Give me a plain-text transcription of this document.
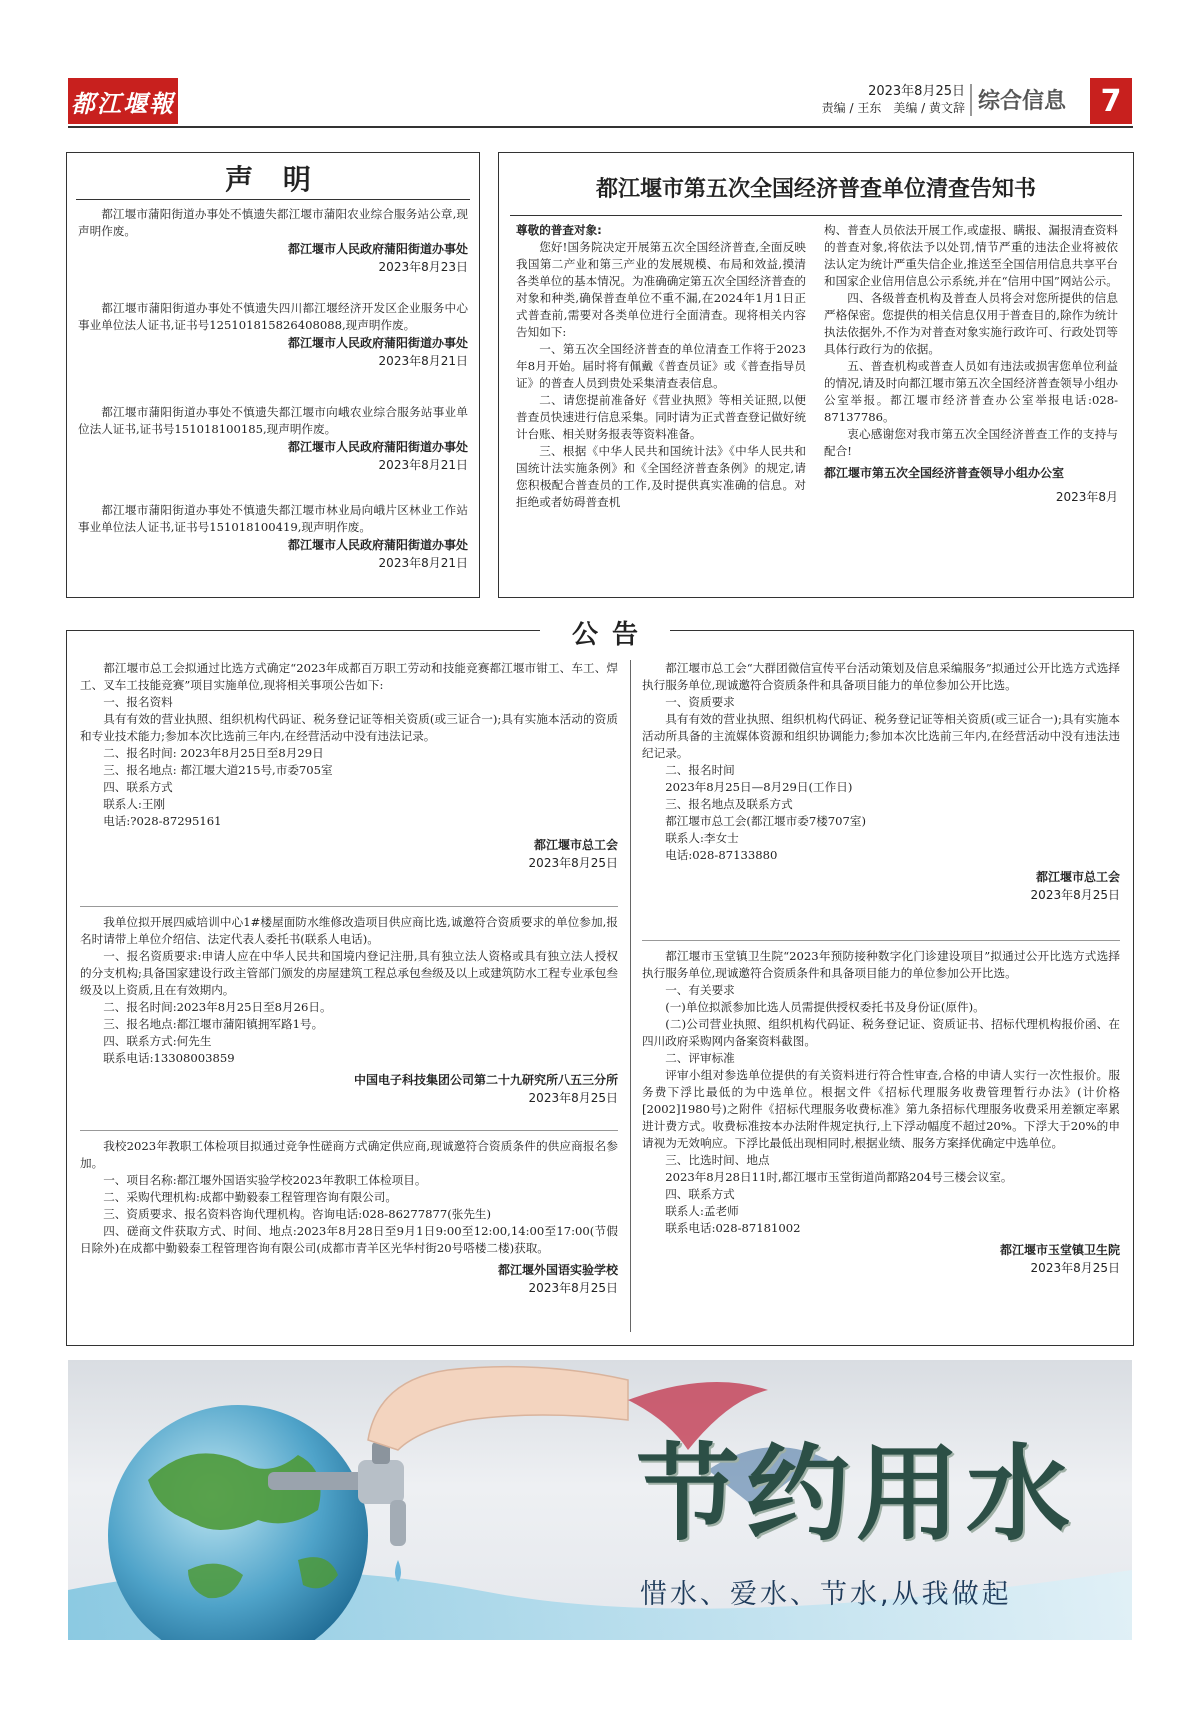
都江堰報	2023年8月25日
责编 / 王东　美编 / 黄文辞 综合信息	7
声 明

都江堰市蒲阳街道办事处不慎遗失都江堰市蒲阳农业综合服务站公章,现声明作废。

都江堰市人民政府蒲阳街道办事处
2023年8月23日

都江堰市蒲阳街道办事处不慎遗失四川都江堰经济开发区企业服务中心事业单位法人证书,证书号125101815826408088,现声明作废。

都江堰市人民政府蒲阳街道办事处
2023年8月21日

都江堰市蒲阳街道办事处不慎遗失都江堰市向峨农业综合服务站事业单位法人证书,证书号151018100185,现声明作废。

都江堰市人民政府蒲阳街道办事处
2023年8月21日

都江堰市蒲阳街道办事处不慎遗失都江堰市林业局向峨片区林业工作站事业单位法人证书,证书号151018100419,现声明作废。

都江堰市人民政府蒲阳街道办事处
2023年8月21日
都江堰市第五次全国经济普查单位清查告知书
尊敬的普查对象:

您好!国务院决定开展第五次全国经济普查,全面反映我国第二产业和第三产业的发展规模、布局和效益,摸清各类单位的基本情况。为准确确定第五次全国经济普查的对象和种类,确保普查单位不重不漏,在2024年1月1日正式普查前,需要对各类单位进行全面清查。现将相关内容告知如下:

一、第五次全国经济普查的单位清查工作将于2023年8月开始。届时将有佩戴《普查员证》或《普查指导员证》的普查人员到贵处采集清查表信息。

二、请您提前准备好《营业执照》等相关证照,以便普查员快速进行信息采集。同时请为正式普查登记做好统计台账、相关财务报表等资料准备。

三、根据《中华人民共和国统计法》《中华人民共和国统计法实施条例》和《全国经济普查条例》的规定,请您积极配合普查员的工作,及时提供真实准确的信息。对拒绝或者妨碍普查机

构、普查人员依法开展工作,或虚报、瞒报、漏报清查资料的普查对象,将依法予以处罚,情节严重的违法企业将被依法认定为统计严重失信企业,推送至全国信用信息共享平台和国家企业信用信息公示系统,并在“信用中国”网站公示。

四、各级普查机构及普查人员将会对您所提供的信息严格保密。您提供的相关信息仅用于普查目的,除作为统计执法依据外,不作为对普查对象实施行政许可、行政处罚等具体行政行为的依据。

五、普查机构或普查人员如有违法或损害您单位利益的情况,请及时向都江堰市第五次全国经济普查领导小组办公室举报。都江堰市经济普查办公室举报电话:028-87137786。

衷心感谢您对我市第五次全国经济普查工作的支持与配合!

都江堰市第五次全国经济普查领导小组办公室
2023年8月
公告

都江堰市总工会拟通过比选方式确定“2023年成都百万职工劳动和技能竞赛都江堰市钳工、车工、焊工、叉车工技能竞赛”项目实施单位,现将相关事项公告如下:

一、报名资料

具有有效的营业执照、组织机构代码证、税务登记证等相关资质(或三证合一);具有实施本活动的资质和专业技术能力;参加本次比选前三年内,在经营活动中没有违法记录。

二、报名时间: 2023年8月25日至8月29日

三、报名地点: 都江堰大道215号,市委705室

四、联系方式

联系人:王刚

电话:?028-87295161

都江堰市总工会
2023年8月25日

我单位拟开展四威培训中心1#楼屋面防水维修改造项目供应商比选,诚邀符合资质要求的单位参加,报名时请带上单位介绍信、法定代表人委托书(联系人电话)。

一、报名资质要求:申请人应在中华人民共和国境内登记注册,具有独立法人资格或具有独立法人授权的分支机构;具备国家建设行政主管部门颁发的房屋建筑工程总承包叁级及以上或建筑防水工程专业承包叁级及以上资质,且在有效期内。

二、报名时间:2023年8月25日至8月26日。

三、报名地点:都江堰市蒲阳镇拥军路1号。

四、联系方式:何先生

联系电话:13308003859

中国电子科技集团公司第二十九研究所八五三分所
2023年8月25日

我校2023年教职工体检项目拟通过竞争性磋商方式确定供应商,现诚邀符合资质条件的供应商报名参加。

一、项目名称:都江堰外国语实验学校2023年教职工体检项目。

二、采购代理机构:成都中勤毅泰工程管理咨询有限公司。

三、资质要求、报名资料咨询代理机构。咨询电话:028-86277877(张先生)

四、磋商文件获取方式、时间、地点:2023年8月28日至9月1日9:00至12:00,14:00至17:00(节假日除外)在成都中勤毅泰工程管理咨询有限公司(成都市青羊区光华村街20号嗒楼二楼)获取。

都江堰外国语实验学校
2023年8月25日

都江堰市总工会“大群团微信宣传平台活动策划及信息采编服务”拟通过公开比选方式选择执行服务单位,现诚邀符合资质条件和具备项目能力的单位参加公开比选。

一、资质要求

具有有效的营业执照、组织机构代码证、税务登记证等相关资质(或三证合一);具有实施本活动所具备的主流媒体资源和组织协调能力;参加本次比选前三年内,在经营活动中没有违法违纪记录。

二、报名时间

2023年8月25日—8月29日(工作日)

三、报名地点及联系方式

都江堰市总工会(都江堰市委7楼707室)

联系人:李女士

电话:028-87133880

都江堰市总工会
2023年8月25日

都江堰市玉堂镇卫生院“2023年预防接种数字化门诊建设项目”拟通过公开比选方式选择执行服务单位,现诚邀符合资质条件和具备项目能力的单位参加公开比选。

一、有关要求

(一)单位拟派参加比选人员需提供授权委托书及身份证(原件)。

(二)公司营业执照、组织机构代码证、税务登记证、资质证书、招标代理机构报价函、在四川政府采购网内备案资料截图。

二、评审标准

评审小组对参选单位提供的有关资料进行符合性审查,合格的申请人实行一次性报价。服务费下浮比最低的为中选单位。根据文件《招标代理服务收费管理暂行办法》(计价格[2002]1980号)之附件《招标代理服务收费标准》第九条招标代理服务收费采用差额定率累进计费方式。收费标准按本办法附件规定执行,上下浮动幅度不超过20%。下浮大于20%的申请视为无效响应。下浮比最低出现相同时,根据业绩、服务方案择优确定中选单位。

三、比选时间、地点

2023年8月28日11时,都江堰市玉堂街道尚都路204号三楼会议室。

四、联系方式

联系人:孟老师

联系电话:028-87181002

都江堰市玉堂镇卫生院
2023年8月25日
节约用水
惜水、爱水、节水,从我做起
